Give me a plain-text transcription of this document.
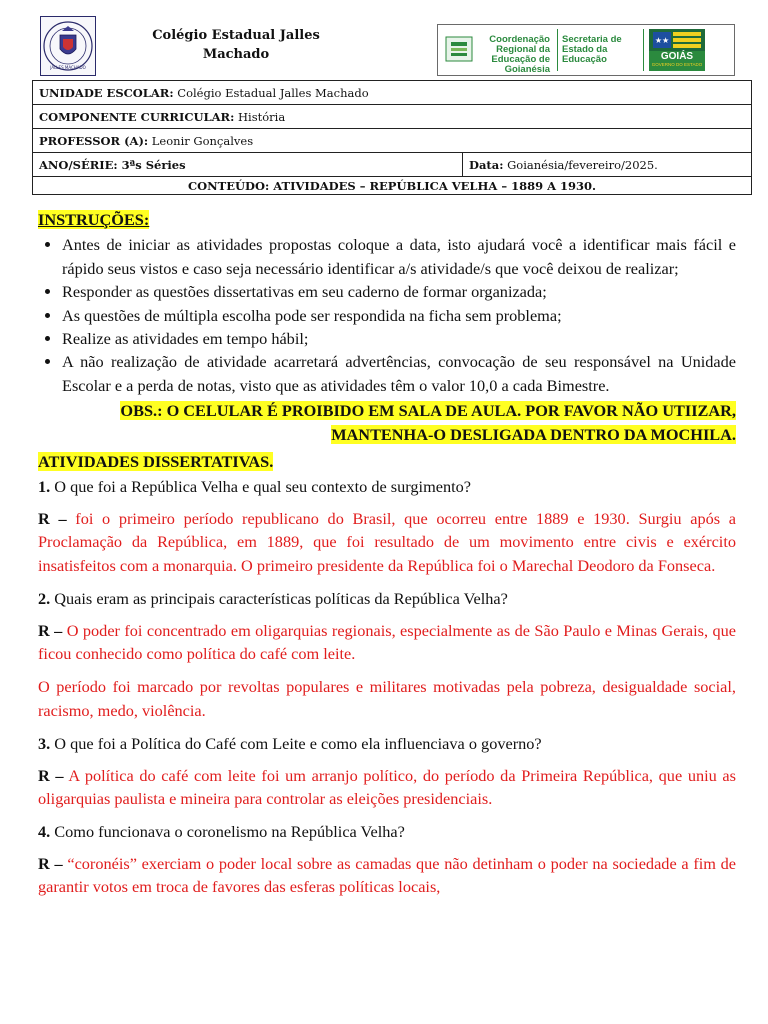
JALLES MACHADO
Colégio Estadual Jalles Machado
Coordenação Regional da Educação de Goianésia
Secretaria de Estado da Educação
★★
GOIÁS
GOVERNO DO ESTADO
UNIDADE ESCOLAR: Colégio Estadual Jalles Machado
COMPONENTE CURRICULAR: História
PROFESSOR (A): Leonir Gonçalves
ANO/SÉRIE: 3ªs Séries	Data: Goianésia/fevereiro/2025.
CONTEÚDO: ATIVIDADES – REPÚBLICA VELHA – 1889 A 1930.
INSTRUÇÕES:
• Antes de iniciar as atividades propostas coloque a data, isto ajudará você a identificar mais fácil e rápido seus vistos e caso seja necessário identificar a/s atividade/s que você deixou de realizar;
• Responder as questões dissertativas em seu caderno de formar organizada;
• As questões de múltipla escolha pode ser respondida na ficha sem problema;
• Realize as atividades em tempo hábil;
• A não realização de atividade acarretará advertências, convocação de seu responsável na Unidade Escolar e a perda de notas, visto que as atividades têm o valor 10,0 a cada Bimestre.

OBS.: O CELULAR É PROIBIDO EM SALA DE AULA. POR FAVOR NÃO UTIIZAR,

MANTENHA-O DESLIGADA DENTRO DA MOCHILA.

ATIVIDADES DISSERTATIVAS.

1. O que foi a República Velha e qual seu contexto de surgimento?

R – foi o primeiro período republicano do Brasil, que ocorreu entre 1889 e 1930. Surgiu após a Proclamação da República, em 1889, que foi resultado de um movimento entre civis e exército insatisfeitos com a monarquia. O primeiro presidente da República foi o Marechal Deodoro da Fonseca.

2. Quais eram as principais características políticas da República Velha?

R – O poder foi concentrado em oligarquias regionais, especialmente as de São Paulo e Minas Gerais, que ficou conhecido como política do café com leite.

O período foi marcado por revoltas populares e militares motivadas pela pobreza, desigualdade social, racismo, medo, violência.

3. O que foi a Política do Café com Leite e como ela influenciava o governo?

R – A política do café com leite foi um arranjo político, do período da Primeira República, que uniu as oligarquias paulista e mineira para controlar as eleições presidenciais.

4. Como funcionava o coronelismo na República Velha?

R – “coronéis” exerciam o poder local sobre as camadas que não detinham o poder na sociedade a fim de garantir votos em troca de favores das esferas políticas locais,
